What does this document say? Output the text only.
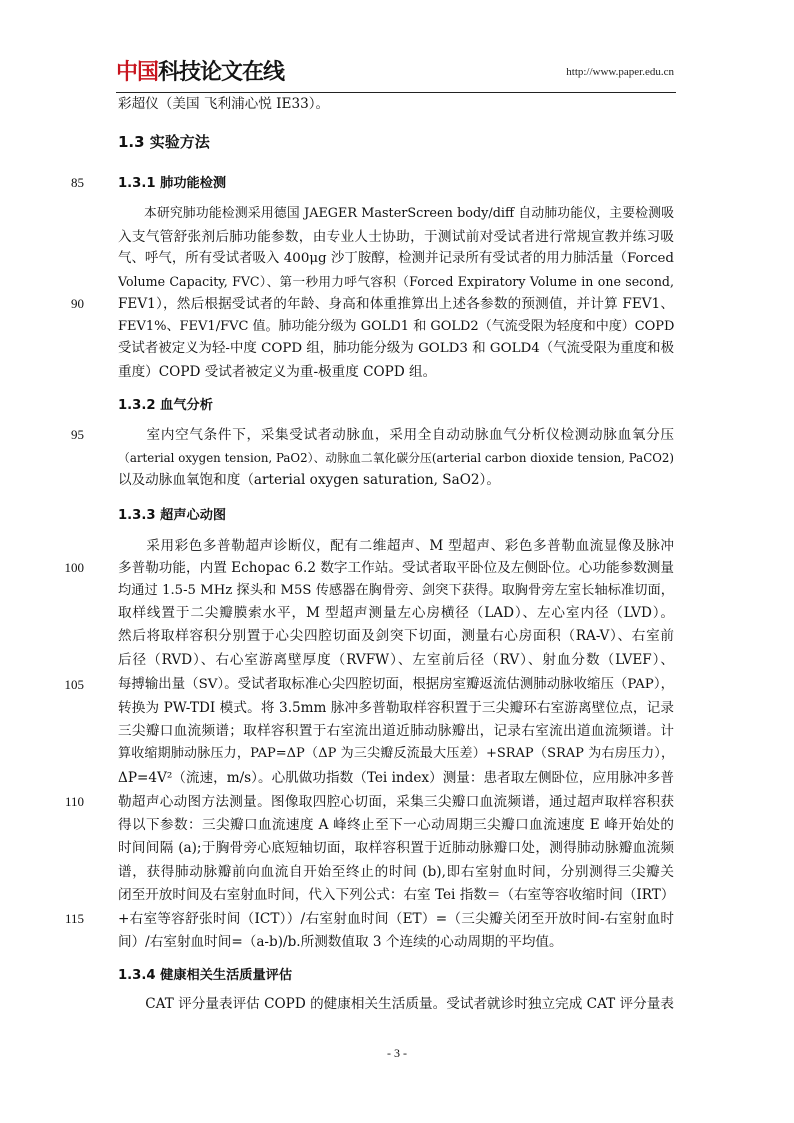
中国科技论文在线	http://www.paper.edu.cn
85
90
95
100
105
110
115
彩超仪（美国 飞利浦心悦 IE33）。
1.3 实验方法
1.3.1 肺功能检测
　　本研究肺功能检测采用德国 JAEGER MasterScreen body/diff 自动肺功能仪，主要检测吸
入支气管舒张剂后肺功能参数，由专业人士协助，于测试前对受试者进行常规宣教并练习吸
气、呼气，所有受试者吸入 400μg 沙丁胺醇，检测并记录所有受试者的用力肺活量（Forced
Volume Capacity, FVC）、第一秒用力呼气容积（Forced Expiratory Volume in one second,
FEV1），然后根据受试者的年龄、身高和体重推算出上述各参数的预测值，并计算 FEV1、
FEV1%、FEV1/FVC 值。肺功能分级为 GOLD1 和 GOLD2（气流受限为轻度和中度）COPD
受试者被定义为轻-中度 COPD 组，肺功能分级为 GOLD3 和 GOLD4（气流受限为重度和极
重度）COPD 受试者被定义为重-极重度 COPD 组。
1.3.2 血气分析
　　室内空气条件下，采集受试者动脉血，采用全自动动脉血气分析仪检测动脉血氧分压
（arterial oxygen tension, PaO2）、动脉血二氧化碳分压(arterial carbon dioxide tension, PaCO2)
以及动脉血氧饱和度（arterial oxygen saturation, SaO2）。
1.3.3 超声心动图
　　采用彩色多普勒超声诊断仪，配有二维超声、M 型超声、彩色多普勒血流显像及脉冲
多普勒功能，内置 Echopac 6.2 数字工作站。受试者取平卧位及左侧卧位。心功能参数测量
均通过 1.5-5 MHz 探头和 M5S 传感器在胸骨旁、剑突下获得。取胸骨旁左室长轴标准切面，
取样线置于二尖瓣膜索水平，M 型超声测量左心房横径（LAD）、左心室内径（LVD）。
然后将取样容积分别置于心尖四腔切面及剑突下切面，测量右心房面积（RA-V）、右室前
后径（RVD）、右心室游离壁厚度（RVFW）、左室前后径（RV）、射血分数（LVEF）、
每搏输出量（SV）。受试者取标准心尖四腔切面，根据房室瓣返流估测肺动脉收缩压（PAP），
转换为 PW-TDI 模式。将 3.5mm 脉冲多普勒取样容积置于三尖瓣环右室游离壁位点，记录
三尖瓣口血流频谱；取样容积置于右室流出道近肺动脉瓣出，记录右室流出道血流频谱。计
算收缩期肺动脉压力，PAP=ΔP（ΔP 为三尖瓣反流最大压差）+SRAP（SRAP 为右房压力），
ΔP=4V²（流速，m/s）。心肌做功指数（Tei index）测量：患者取左侧卧位，应用脉冲多普
勒超声心动图方法测量。图像取四腔心切面，采集三尖瓣口血流频谱，通过超声取样容积获
得以下参数：三尖瓣口血流速度 A 峰终止至下一心动周期三尖瓣口血流速度 E 峰开始处的
时间间隔 (a);于胸骨旁心底短轴切面，取样容积置于近肺动脉瓣口处，测得肺动脉瓣血流频
谱，获得肺动脉瓣前向血流自开始至终止的时间 (b),即右室射血时间，分别测得三尖瓣关
闭至开放时间及右室射血时间，代入下列公式：右室 Tei 指数＝（右室等容收缩时间（IRT）
+右室等容舒张时间（ICT））/右室射血时间（ET）=（三尖瓣关闭至开放时间-右室射血时
间）/右室射血时间=（a-b)/b.所测数值取 3 个连续的心动周期的平均值。
1.3.4 健康相关生活质量评估
　　CAT 评分量表评估 COPD 的健康相关生活质量。受试者就诊时独立完成 CAT 评分量表
- 3 -
